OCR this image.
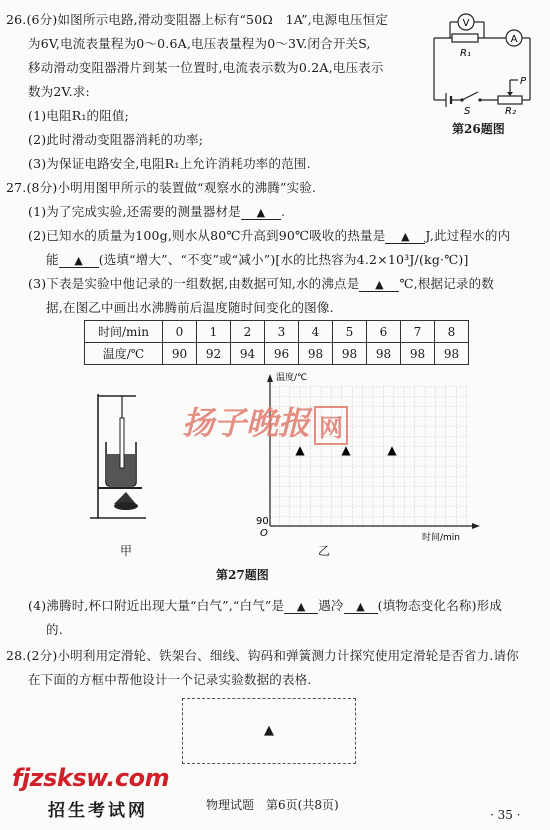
26.(6分)如图所示电路,滑动变阻器上标有“50Ω　1A”,电源电压恒定
为6V,电流表量程为0～0.6A,电压表量程为0～3V.闭合开关S,
移动滑动变阻器滑片到某一位置时,电流表示数为0.2A,电压表示
数为2V.求:
(1)电阻R₁的阻值;
(2)此时滑动变阻器消耗的功率;
(3)为保证电路安全,电阻R₁上允许消耗功率的范围.
V
A
R₁
R₂
S
P
第26题图
27.(8分)小明用图甲所示的装置做“观察水的沸腾”实验.
(1)为了完成实验,还需要的测量器材是 ▲ .
(2)已知水的质量为100g,则水从80℃升高到90℃吸收的热量是 ▲ J,此过程水的内
能 ▲ (选填“增大”、“不变”或“减小”)[水的比热容为4.2×10³J/(kg·℃)]
(3)下表是实验中他记录的一组数据,由数据可知,水的沸点是 ▲ ℃,根据记录的数
据,在图乙中画出水沸腾前后温度随时间变化的图像.
时间/min	0	1	2	3	4	5	6	7	8
温度/℃	90	92	94	96	98	98	98	98	98
甲
温度/℃
时间/min
90
O
▲	▲	▲
扬子晚报 网
乙
第27题图
(4)沸腾时,杯口附近出现大量“白气”,“白气”是 ▲ 遇冷 ▲ (填物态变化名称)形成
的.
28.(2分)小明利用定滑轮、铁架台、细线、钩码和弹簧测力计探究使用定滑轮是否省力.请你
在下面的方框中帮他设计一个记录实验数据的表格.
▲
fjzsksw.com
招生考试网	物理试题　第6页(共8页)
· 35 ·
